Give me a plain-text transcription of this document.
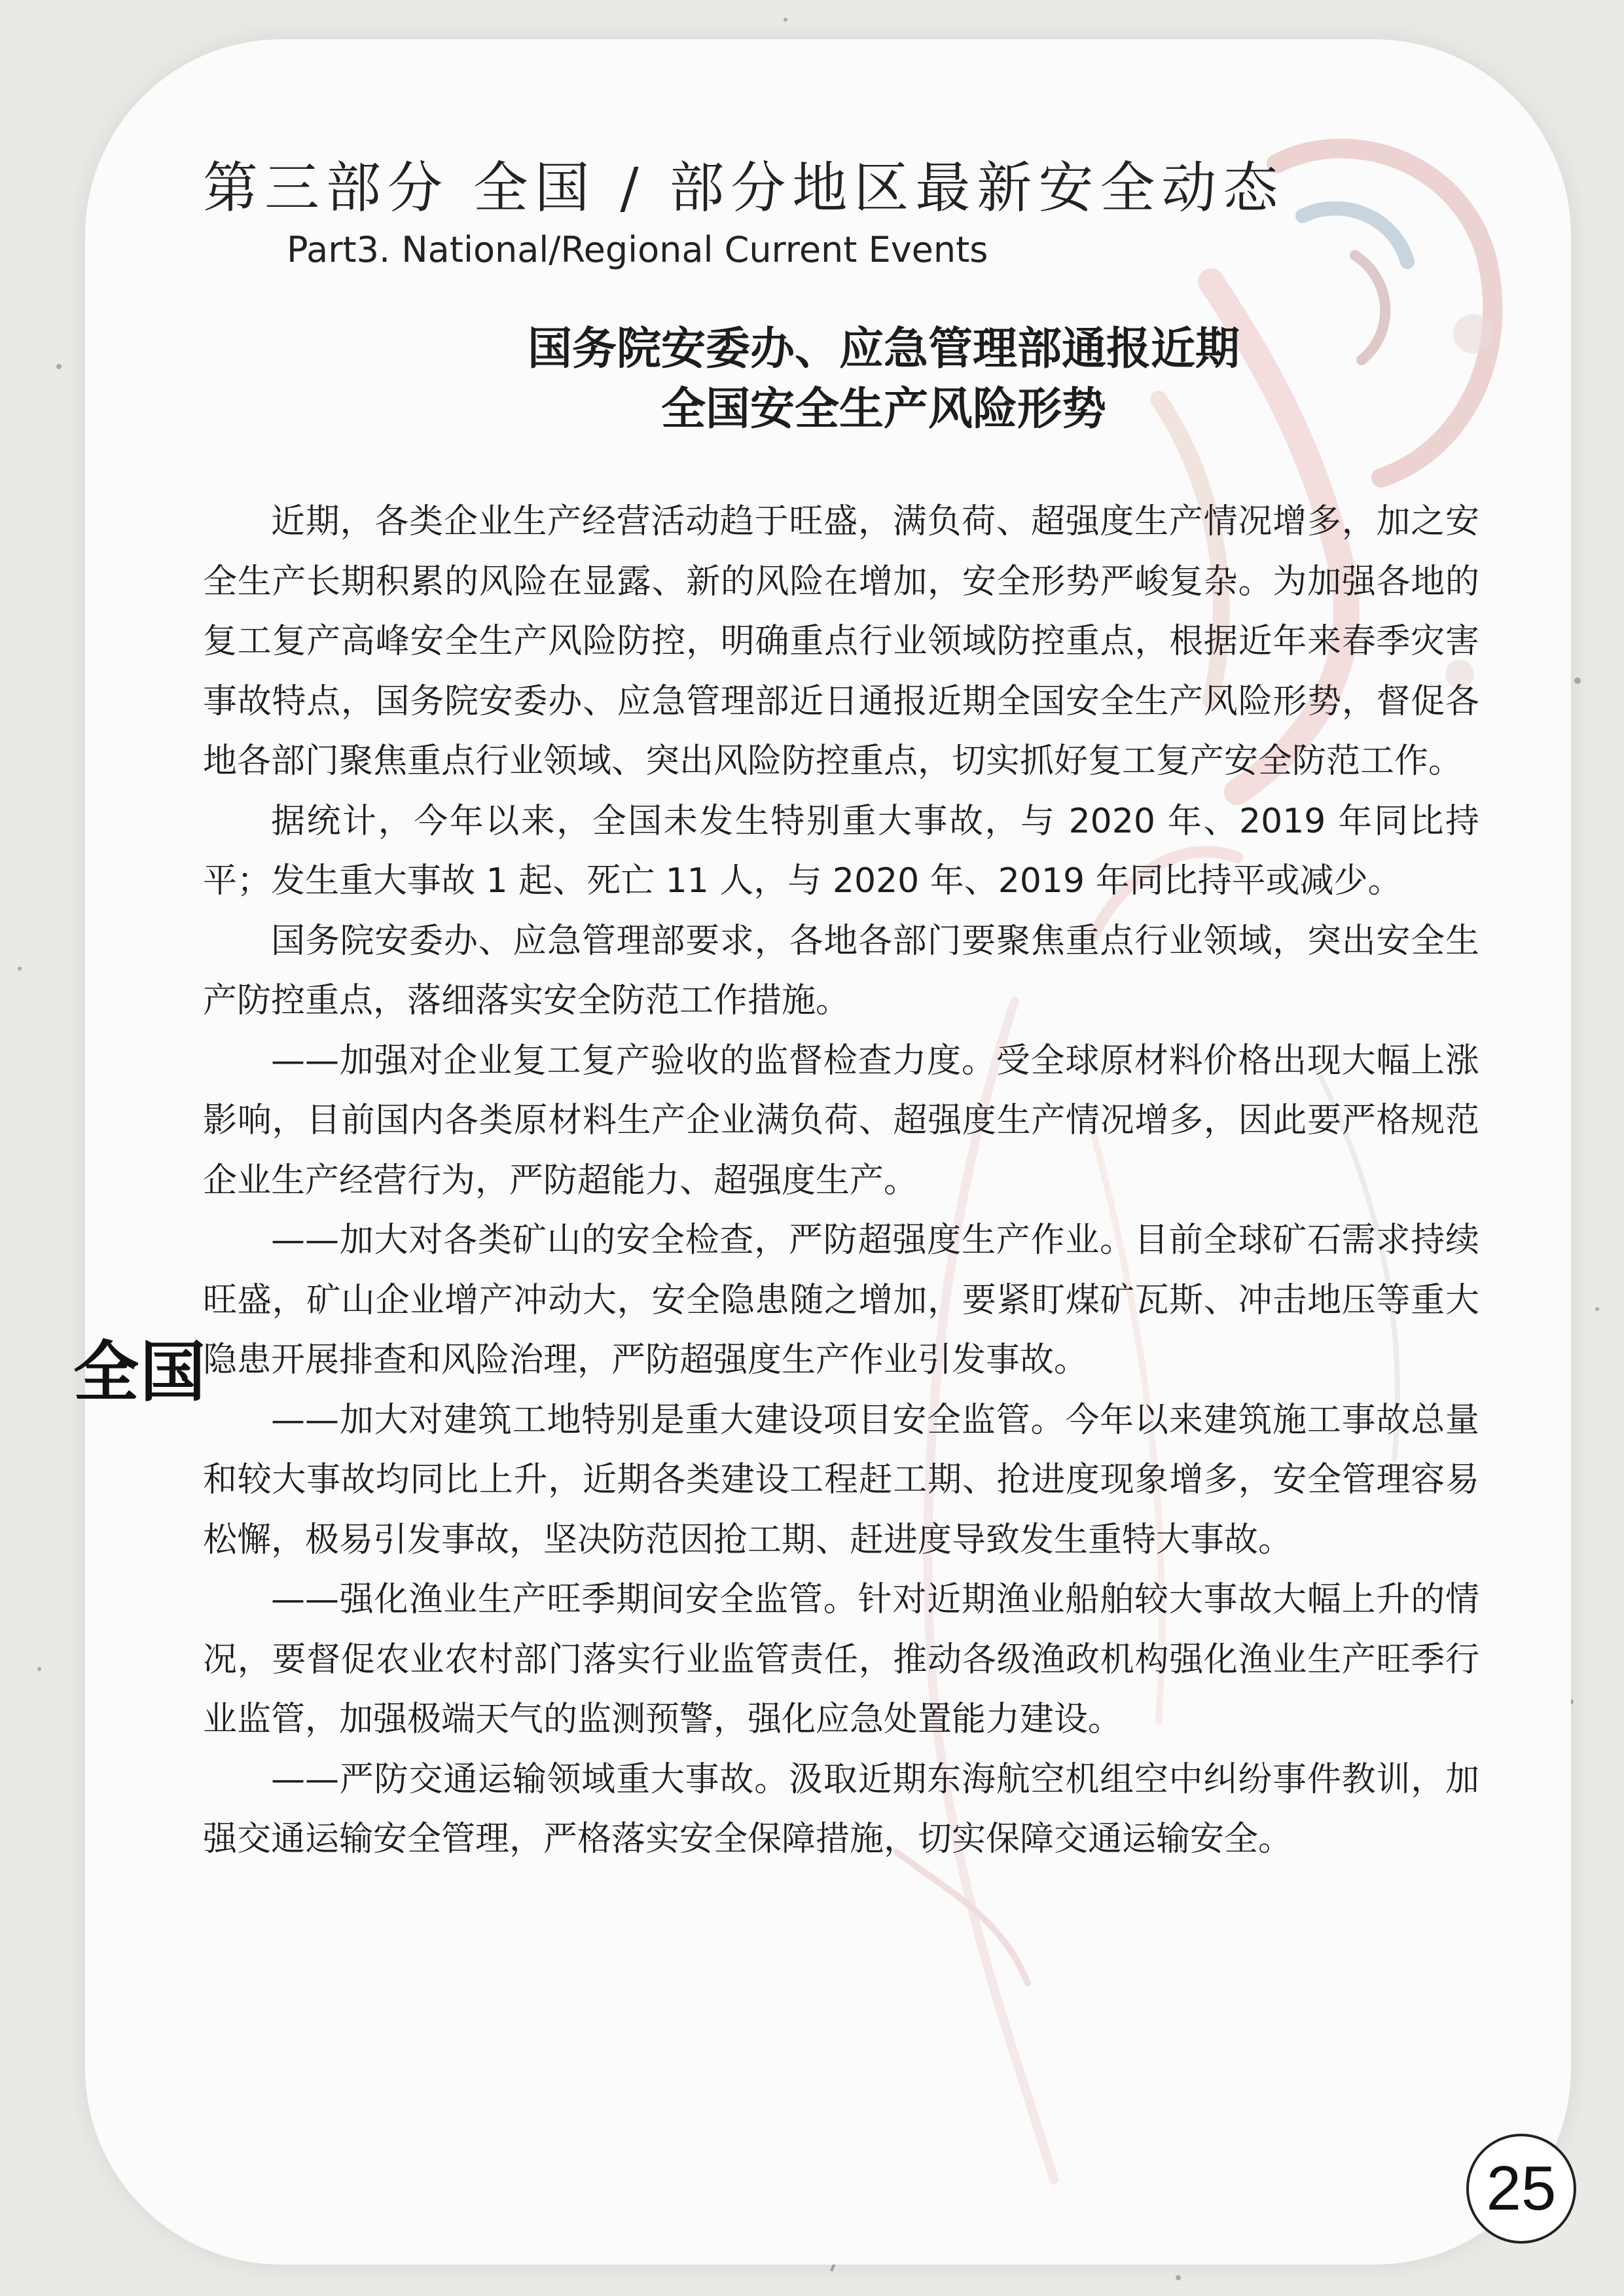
第三部分 全国 / 部分地区最新安全动态
Part3. National/Regional Current Events
国务院安委办、应急管理部通报近期
全国安全生产风险形势

近期，各类企业生产经营活动趋于旺盛，满负荷、超强度生产情况增多，加之安全生产长期积累的风险在显露、新的风险在增加，安全形势严峻复杂。为加强各地的复工复产高峰安全生产风险防控，明确重点行业领域防控重点，根据近年来春季灾害事故特点，国务院安委办、应急管理部近日通报近期全国安全生产风险形势，督促各地各部门聚焦重点行业领域、突出风险防控重点，切实抓好复工复产安全防范工作。

据统计，今年以来，全国未发生特别重大事故，与 2020 年、2019 年同比持平；发生重大事故 1 起、死亡 11 人，与 2020 年、2019 年同比持平或减少。

国务院安委办、应急管理部要求，各地各部门要聚焦重点行业领域，突出安全生产防控重点，落细落实安全防范工作措施。

——加强对企业复工复产验收的监督检查力度。受全球原材料价格出现大幅上涨影响，目前国内各类原材料生产企业满负荷、超强度生产情况增多，因此要严格规范企业生产经营行为，严防超能力、超强度生产。

——加大对各类矿山的安全检查，严防超强度生产作业。目前全球矿石需求持续旺盛，矿山企业增产冲动大，安全隐患随之增加，要紧盯煤矿瓦斯、冲击地压等重大隐患开展排查和风险治理，严防超强度生产作业引发事故。

——加大对建筑工地特别是重大建设项目安全监管。今年以来建筑施工事故总量和较大事故均同比上升，近期各类建设工程赶工期、抢进度现象增多，安全管理容易松懈，极易引发事故，坚决防范因抢工期、赶进度导致发生重特大事故。

——强化渔业生产旺季期间安全监管。针对近期渔业船舶较大事故大幅上升的情况，要督促农业农村部门落实行业监管责任，推动各级渔政机构强化渔业生产旺季行业监管，加强极端天气的监测预警，强化应急处置能力建设。

——严防交通运输领域重大事故。汲取近期东海航空机组空中纠纷事件教训，加强交通运输安全管理，严格落实安全保障措施，切实保障交通运输安全。

全国
25
